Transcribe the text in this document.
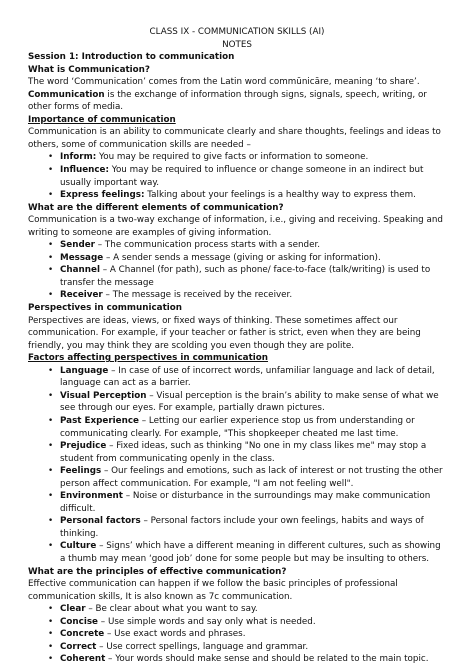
CLASS IX - COMMUNICATION SKILLS (AI)
NOTES
Session 1: Introduction to communication
What is Communication?
The word ‘Communication’ comes from the Latin word commūnicāre, meaning ‘to share’.
Communication is the exchange of information through signs, signals, speech, writing, or other forms of media.
Importance of communication
Communication is an ability to communicate clearly and share thoughts, feelings and ideas to others, some of communication skills are needed –
• Inform: You may be required to give facts or information to someone.
• Influence: You may be required to influence or change someone in an indirect but usually important way.
• Express feelings: Talking about your feelings is a healthy way to express them.
What are the different elements of communication?
Communication is a two-way exchange of information, i.e., giving and receiving. Speaking and writing to someone are examples of giving information.
• Sender – The communication process starts with a sender.
• Message – A sender sends a message (giving or asking for information).
• Channel – A Channel (for path), such as phone/ face-to-face (talk/writing) is used to transfer the message
• Receiver – The message is received by the receiver.
Perspectives in communication
Perspectives are ideas, views, or fixed ways of thinking. These sometimes affect our communication. For example, if your teacher or father is strict, even when they are being friendly, you may think they are scolding you even though they are polite.
Factors affecting perspectives in communication
• Language – In case of use of incorrect words, unfamiliar language and lack of detail, language can act as a barrier.
• Visual Perception – Visual perception is the brain’s ability to make sense of what we see through our eyes. For example, partially drawn pictures.
• Past Experience – Letting our earlier experience stop us from understanding or communicating clearly. For example, "This shopkeeper cheated me last time.
• Prejudice – Fixed ideas, such as thinking "No one in my class likes me" may stop a student from communicating openly in the class.
• Feelings – Our feelings and emotions, such as lack of interest or not trusting the other person affect communication. For example, "I am not feeling well".
• Environment – Noise or disturbance in the surroundings may make communication difficult.
• Personal factors – Personal factors include your own feelings, habits and ways of thinking.
• Culture – Signs’ which have a different meaning in different cultures, such as showing a thumb may mean ‘good job’ done for some people but may be insulting to others.
What are the principles of effective communication?
Effective communication can happen if we follow the basic principles of professional communication skills, It is also known as 7c communication.
• Clear – Be clear about what you want to say.
• Concise – Use simple words and say only what is needed.
• Concrete – Use exact words and phrases.
• Correct – Use correct spellings, language and grammar.
• Coherent – Your words should make sense and should be related to the main topic.
